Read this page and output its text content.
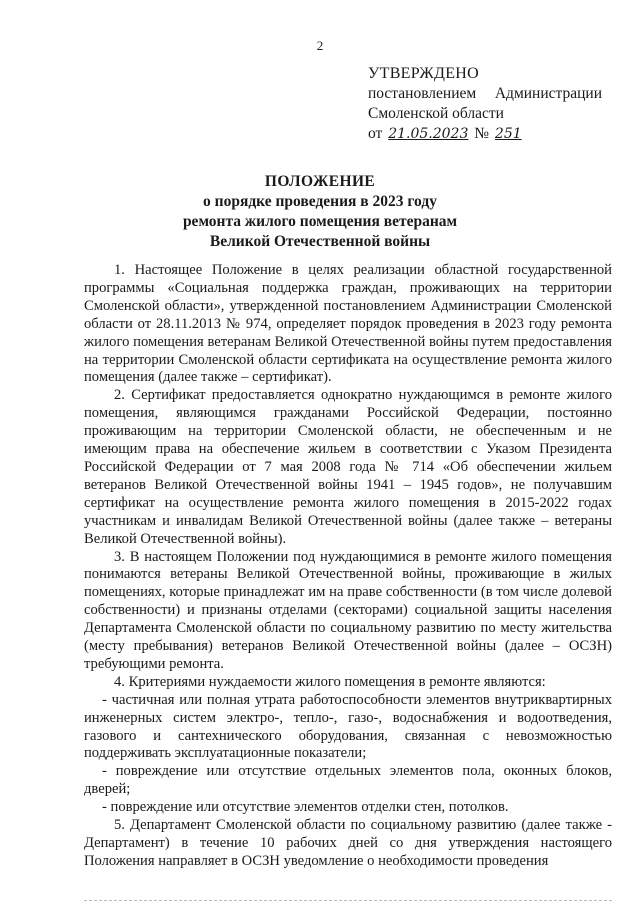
2
УТВЕРЖДЕНО
постановлением Администрации
Смоленской области
от 21.05.2023 № 251
ПОЛОЖЕНИЕ
о порядке проведения в 2023 году
ремонта жилого помещения ветеранам
Великой Отечественной войны

1. Настоящее Положение в целях реализации областной государственной программы «Социальная поддержка граждан, проживающих на территории Смоленской области», утвержденной постановлением Администрации Смоленской области от 28.11.2013 № 974, определяет порядок проведения в 2023 году ремонта жилого помещения ветеранам Великой Отечественной войны путем предоставления на территории Смоленской области сертификата на осуществление ремонта жилого помещения (далее также – сертификат).

2. Сертификат предоставляется однократно нуждающимся в ремонте жилого помещения, являющимся гражданами Российской Федерации, постоянно проживающим на территории Смоленской области, не обеспеченным и не имеющим права на обеспечение жильем в соответствии с Указом Президента Российской Федерации от 7 мая 2008 года № 714 «Об обеспечении жильем ветеранов Великой Отечественной войны 1941 – 1945 годов», не получавшим сертификат на осуществление ремонта жилого помещения в 2015-2022 годах участникам и инвалидам Великой Отечественной войны (далее также – ветераны Великой Отечественной войны).

3. В настоящем Положении под нуждающимися в ремонте жилого помещения понимаются ветераны Великой Отечественной войны, проживающие в жилых помещениях, которые принадлежат им на праве собственности (в том числе долевой собственности) и признаны отделами (секторами) социальной защиты населения Департамента Смоленской области по социальному развитию по месту жительства (месту пребывания) ветеранов Великой Отечественной войны (далее – ОСЗН) требующими ремонта.

4. Критериями нуждаемости жилого помещения в ремонте являются:

- частичная или полная утрата работоспособности элементов внутриквартирных инженерных систем электро-, тепло-, газо-, водоснабжения и водоотведения, газового и сантехнического оборудования, связанная с невозможностью поддерживать эксплуатационные показатели;

- повреждение или отсутствие отдельных элементов пола, оконных блоков, дверей;

- повреждение или отсутствие элементов отделки стен, потолков.

5. Департамент Смоленской области по социальному развитию (далее также - Департамент) в течение 10 рабочих дней со дня утверждения настоящего Положения направляет в ОСЗН уведомление о необходимости проведения
